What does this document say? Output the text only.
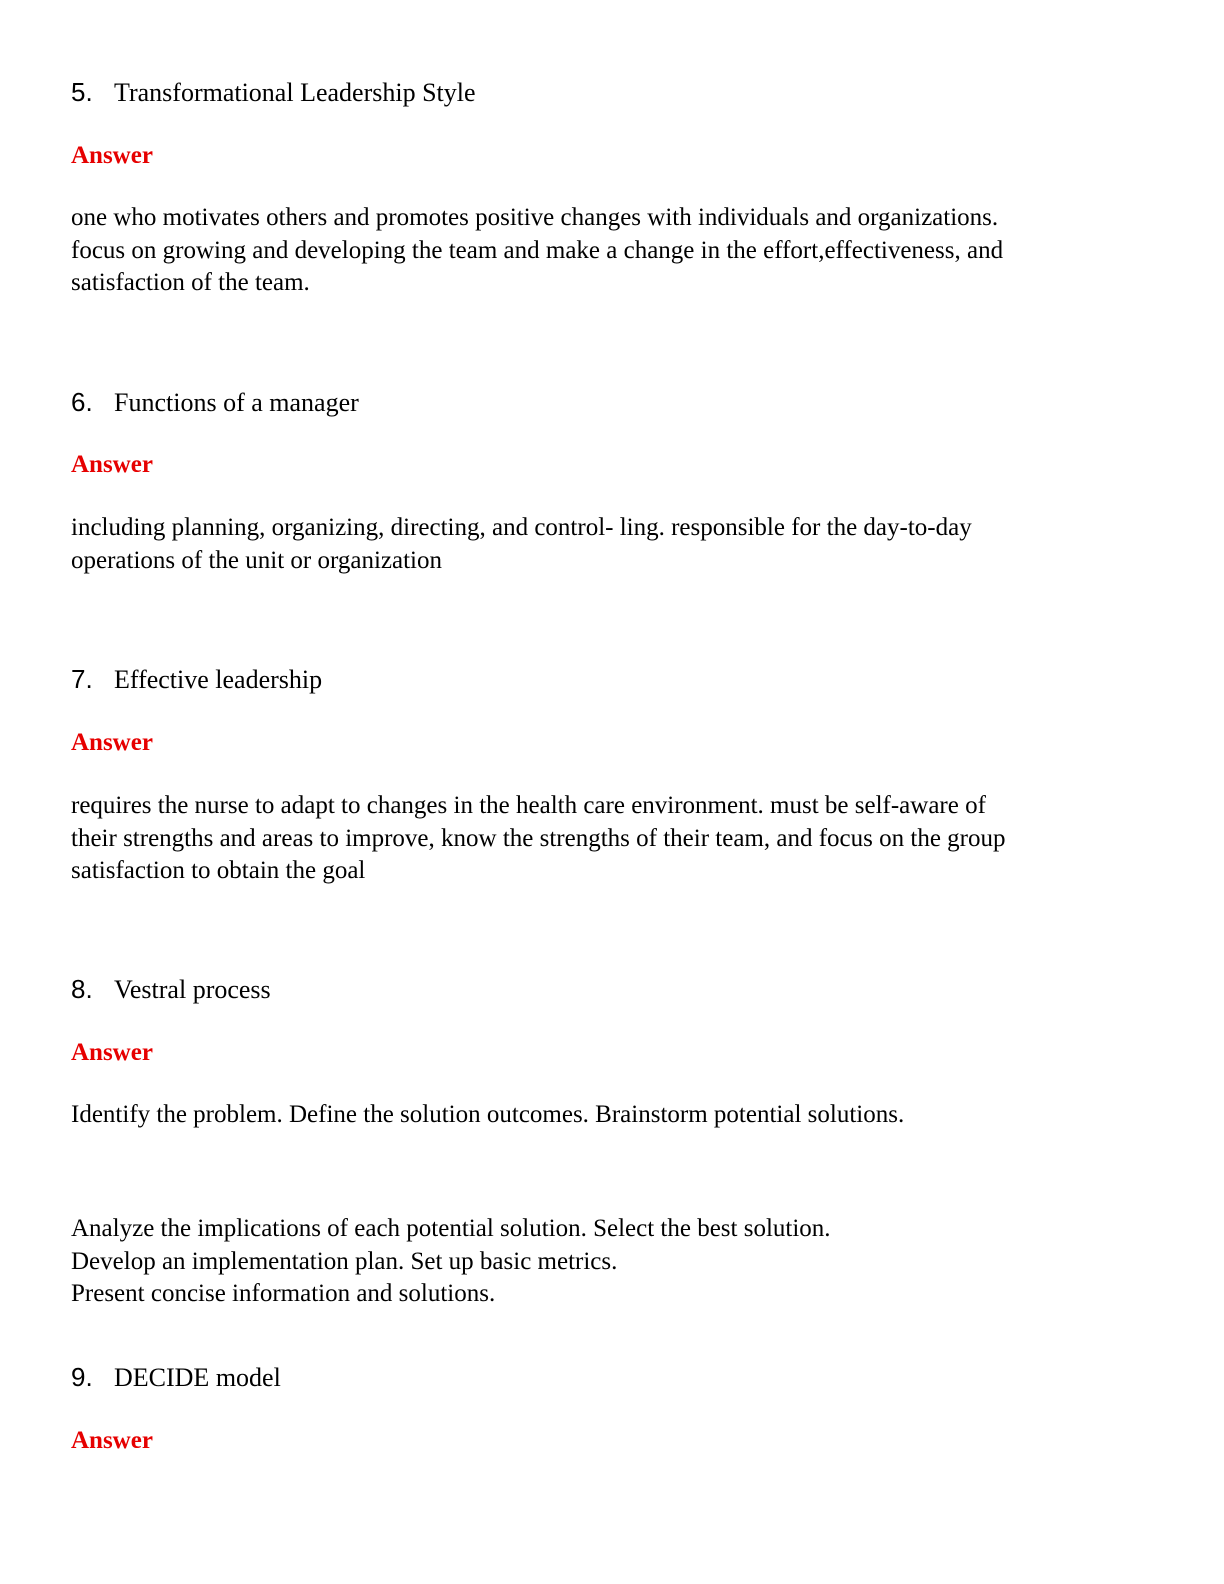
5. Transformational Leadership Style
Answer
one who motivates others and promotes positive changes with individuals and organizations.
focus on growing and developing the team and make a change in the effort,effectiveness, and
satisfaction of the team.
6. Functions of a manager
Answer
including planning, organizing, directing, and control- ling. responsible for the day-to-day
operations of the unit or organization
7. Effective leadership
Answer
requires the nurse to adapt to changes in the health care environment. must be self-aware of
their strengths and areas to improve, know the strengths of their team, and focus on the group
satisfaction to obtain the goal
8. Vestral process
Answer
Identify the problem. Define the solution outcomes. Brainstorm potential solutions.
Analyze the implications of each potential solution. Select the best solution.
Develop an implementation plan. Set up basic metrics.
Present concise information and solutions.
9. DECIDE model
Answer
